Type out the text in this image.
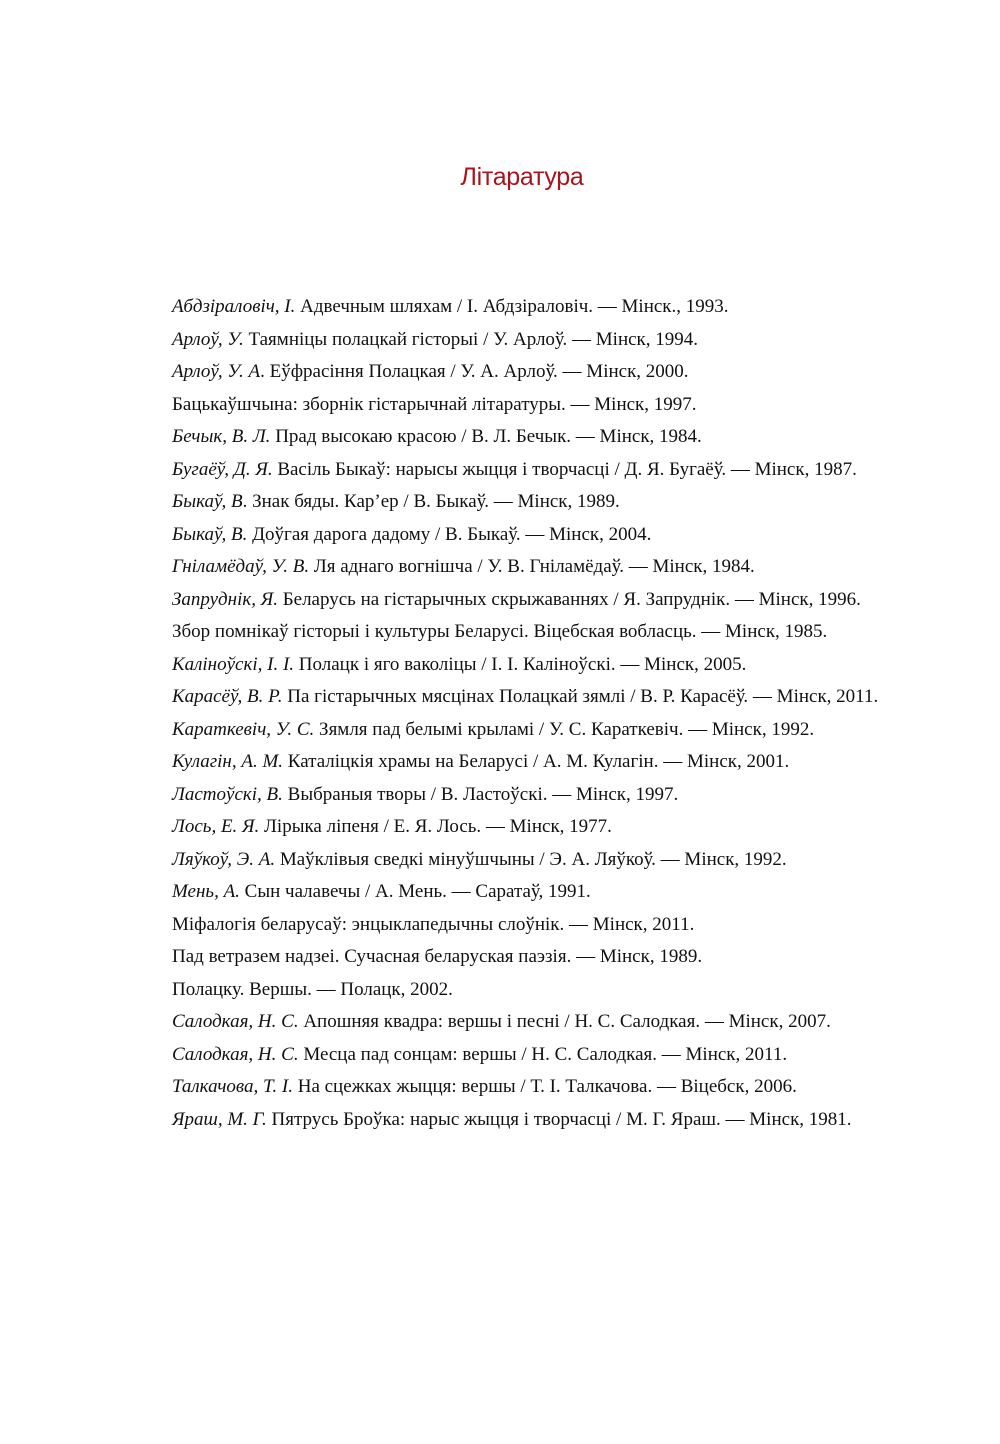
Літаратура
Абдзіраловіч, І. Адвечным шляхам / І. Абдзіраловіч. — Мінск., 1993.
Арлоў, У. Таямніцы полацкай гісторыі / У. Арлоў. — Мінск, 1994.
Арлоў, У. А. Еўфрасіння Полацкая / У. А. Арлоў. — Мінск, 2000.
Бацькаўшчына: зборнік гістарычнай літаратуры. — Мінск, 1997.
Бечык, В. Л. Прад высокаю красою / В. Л. Бечык. — Мінск, 1984.
Бугаёў, Д. Я. Васіль Быкаў: нарысы жыцця і творчасці / Д. Я. Бугаёў. — Мінск, 1987.
Быкаў, В. Знак бяды. Кар’ер / В. Быкаў. — Мінск, 1989.
Быкаў, В. Доўгая дарога дадому / В. Быкаў. — Мінск, 2004.
Гніламёдаў, У. В. Ля аднаго вогнішча / У. В. Гніламёдаў. — Мінск, 1984.
Запруднік, Я. Беларусь на гістарычных скрыжаваннях / Я. Запруднік. — Мінск, 1996.
Збор помнікаў гісторыі і культуры Беларусі. Віцебская вобласць. — Мінск, 1985.
Каліноўскі, І. І. Полацк і яго ваколіцы / І. І. Каліноўскі. — Мінск, 2005.
Карасёў, В. Р. Па гістарычных мясцінах Полацкай зямлі / В. Р. Карасёў. — Мінск, 2011.
Караткевіч, У. С. Зямля пад белымі крыламі / У. С. Караткевіч. — Мінск, 1992.
Кулагін, А. М. Каталіцкія храмы на Беларусі / А. М. Кулагін. — Мінск, 2001.
Ластоўскі, В. Выбраныя творы / В. Ластоўскі. — Мінск, 1997.
Лось, Е. Я. Лірыка ліпеня / Е. Я. Лось. — Мінск, 1977.
Ляўкоў, Э. А. Маўклівыя сведкі мінуўшчыны / Э. А. Ляўкоў. — Мінск, 1992.
Мень, А. Сын чалавечы / А. Мень. — Саратаў, 1991.
Міфалогія беларусаў: энцыклапедычны слоўнік. — Мінск, 2011.
Пад ветразем надзеі. Сучасная беларуская паэзія. — Мінск, 1989.
Полацку. Вершы. — Полацк, 2002.
Салодкая, Н. С. Апошняя квадра: вершы і песні / Н. С. Салодкая. — Мінск, 2007.
Салодкая, Н. С. Месца пад сонцам: вершы / Н. С. Салодкая. — Мінск, 2011.
Талкачова, Т. І. На сцежках жыцця: вершы / Т. І. Талкачова. — Віцебск, 2006.
Яраш, М. Г. Пятрусь Броўка: нарыс жыцця і творчасці / М. Г. Яраш. — Мінск, 1981.
